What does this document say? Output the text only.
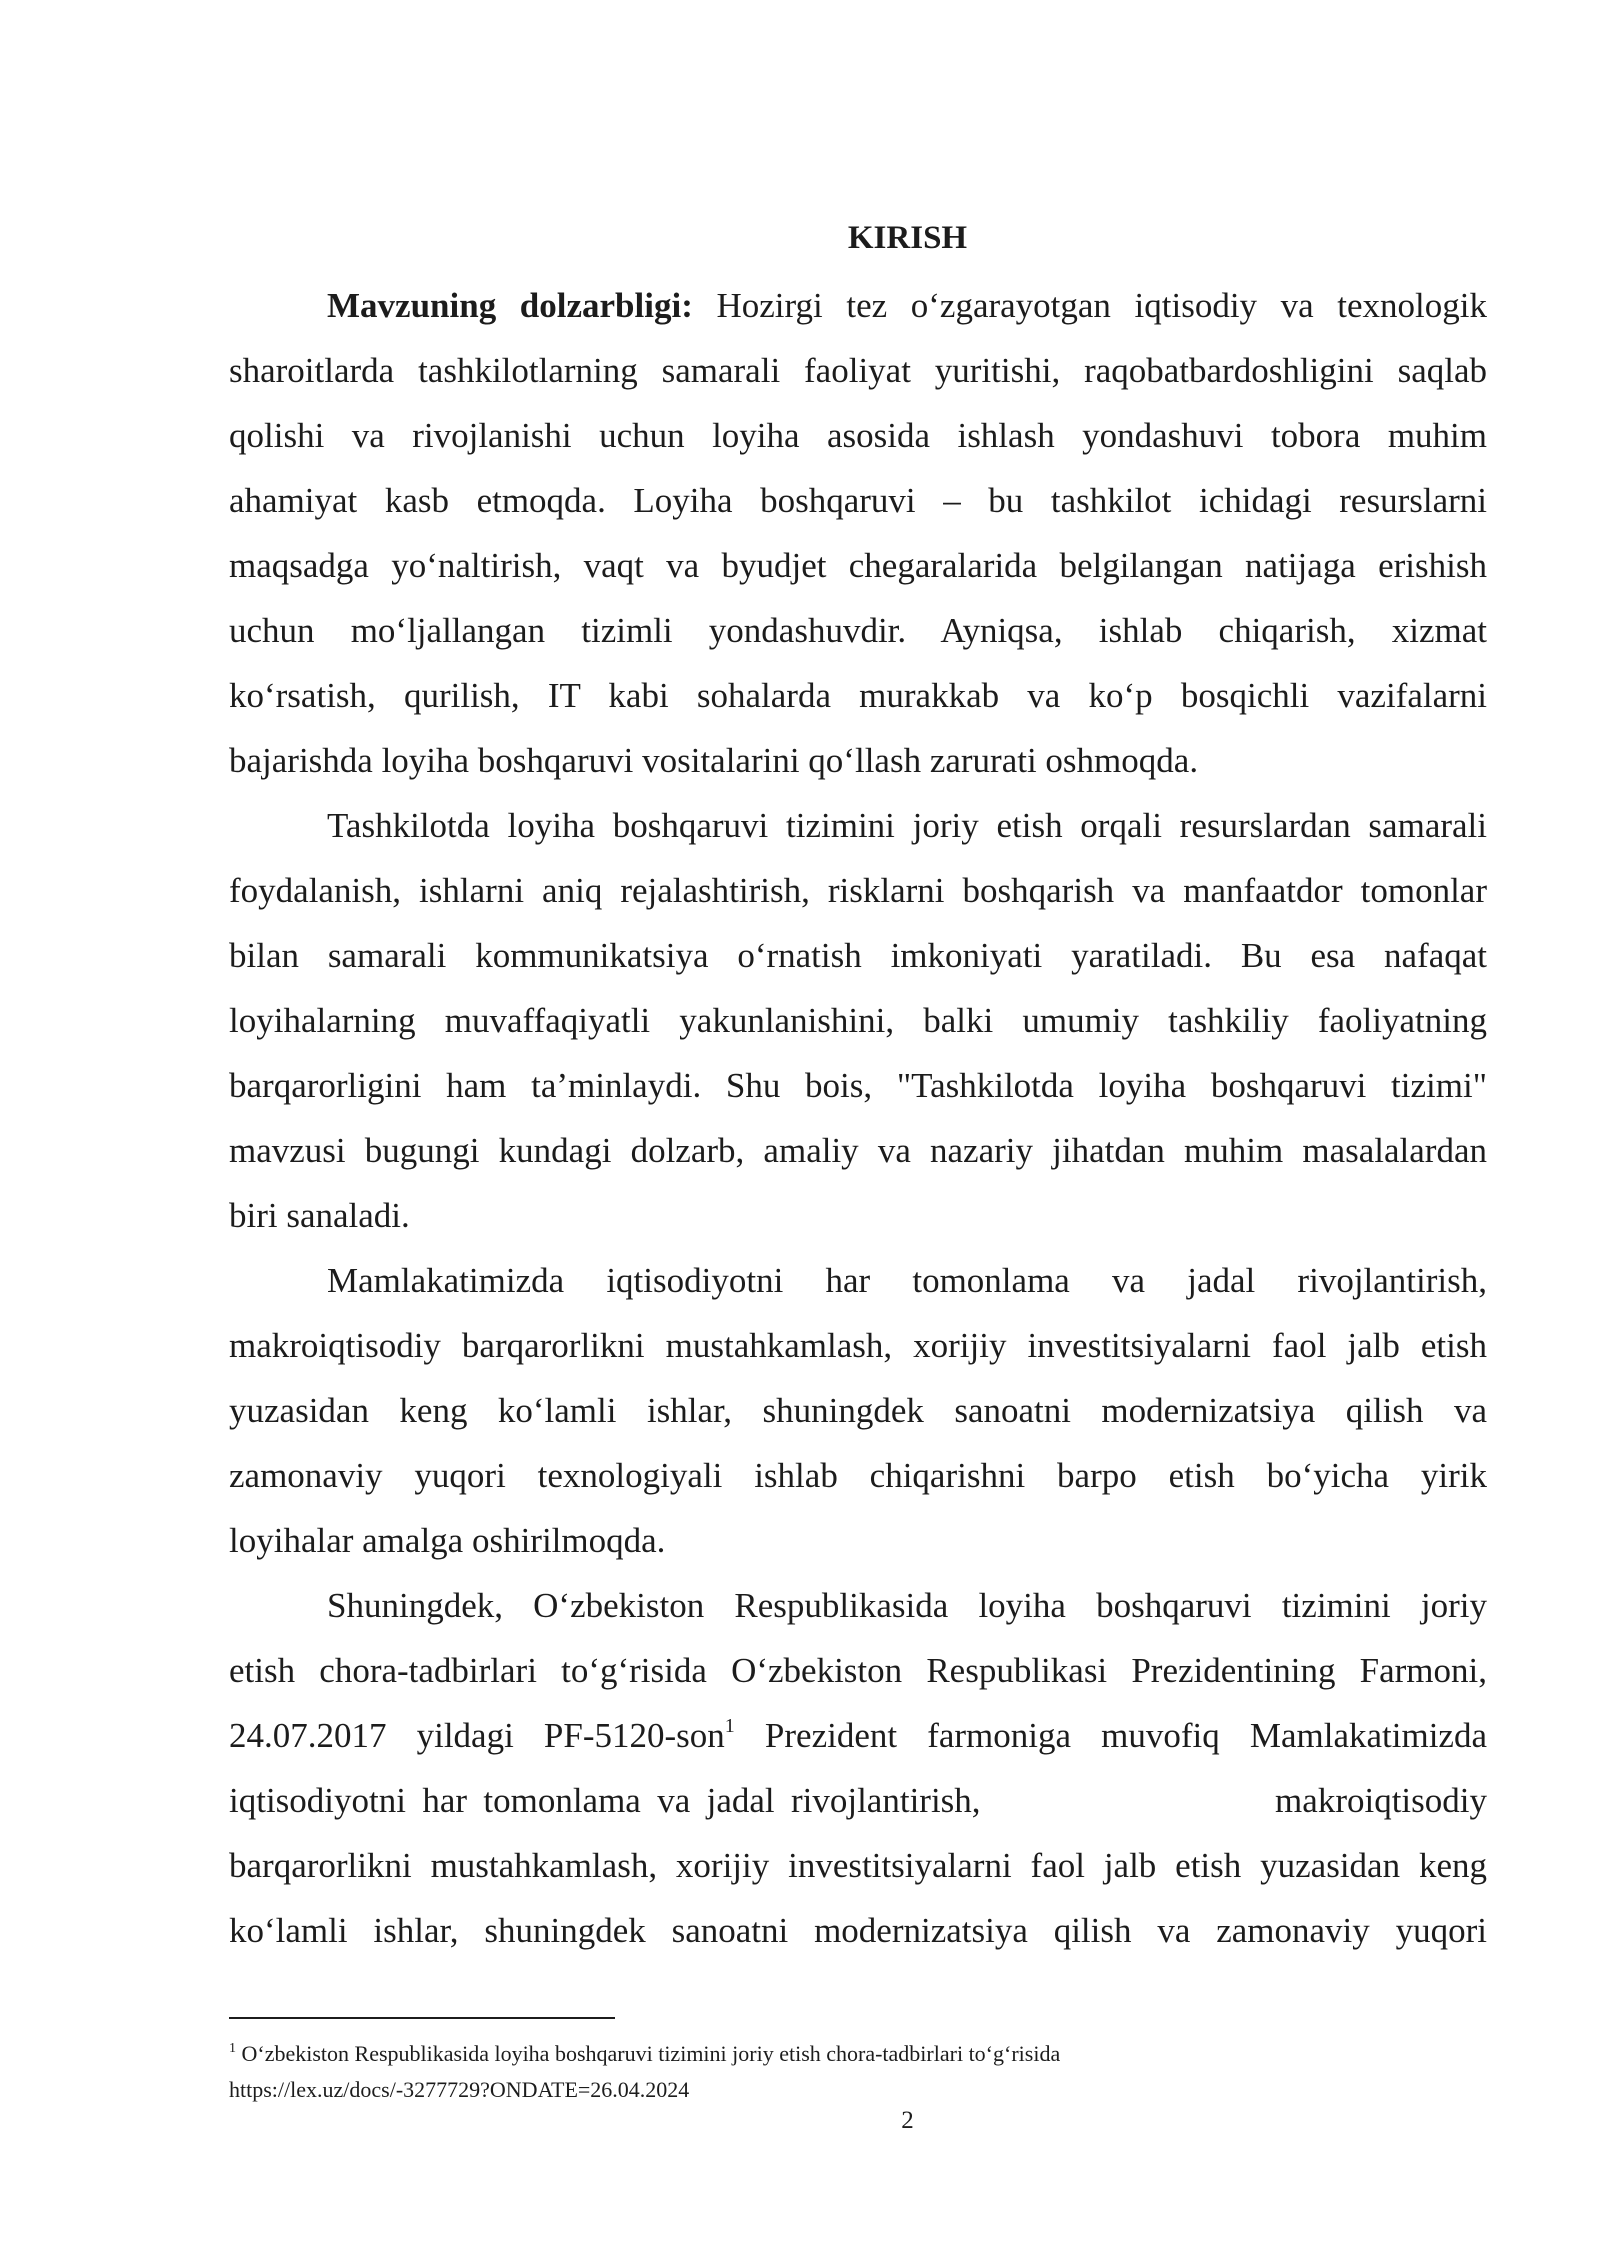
KIRISH
Mavzuning dolzarbligi: Hozirgi tez o‘zgarayotgan iqtisodiy va texnologik
sharoitlarda tashkilotlarning samarali faoliyat yuritishi, raqobatbardoshligini saqlab
qolishi va rivojlanishi uchun loyiha asosida ishlash yondashuvi tobora muhim
ahamiyat kasb etmoqda. Loyiha boshqaruvi – bu tashkilot ichidagi resurslarni
maqsadga yo‘naltirish, vaqt va byudjet chegaralarida belgilangan natijaga erishish
uchun mo‘ljallangan tizimli yondashuvdir. Ayniqsa, ishlab chiqarish, xizmat
ko‘rsatish, qurilish, IT kabi sohalarda murakkab va ko‘p bosqichli vazifalarni
bajarishda loyiha boshqaruvi vositalarini qo‘llash zarurati oshmoqda.
Tashkilotda loyiha boshqaruvi tizimini joriy etish orqali resurslardan samarali
foydalanish, ishlarni aniq rejalashtirish, risklarni boshqarish va manfaatdor tomonlar
bilan samarali kommunikatsiya o‘rnatish imkoniyati yaratiladi. Bu esa nafaqat
loyihalarning muvaffaqiyatli yakunlanishini, balki umumiy tashkiliy faoliyatning
barqarorligini ham ta’minlaydi. Shu bois, "Tashkilotda loyiha boshqaruvi tizimi"
mavzusi bugungi kundagi dolzarb, amaliy va nazariy jihatdan muhim masalalardan
biri sanaladi.
Mamlakatimizda iqtisodiyotni har tomonlama va jadal rivojlantirish,
makroiqtisodiy barqarorlikni mustahkamlash, xorijiy investitsiyalarni faol jalb etish
yuzasidan keng ko‘lamli ishlar, shuningdek sanoatni modernizatsiya qilish va
zamonaviy yuqori texnologiyali ishlab chiqarishni barpo etish bo‘yicha yirik
loyihalar amalga oshirilmoqda.
Shuningdek, O‘zbekiston Respublikasida loyiha boshqaruvi tizimini joriy
etish chora-tadbirlari to‘g‘risida O‘zbekiston Respublikasi Prezidentining Farmoni,
24.07.2017 yildagi PF-5120-son$^1$ Prezident farmoniga muvofiq Mamlakatimizda
iqtisodiyotni har tomonlama va jadal rivojlantirish,                  makroiqtisodiy
barqarorlikni mustahkamlash, xorijiy investitsiyalarni faol jalb etish yuzasidan keng
ko‘lamli ishlar, shuningdek sanoatni modernizatsiya qilish va zamonaviy yuqori
$^1$ O‘zbekiston Respublikasida loyiha boshqaruvi tizimini joriy etish chora-tadbirlari to‘g‘risida
https://lex.uz/docs/-3277729?ONDATE=26.04.2024
2
